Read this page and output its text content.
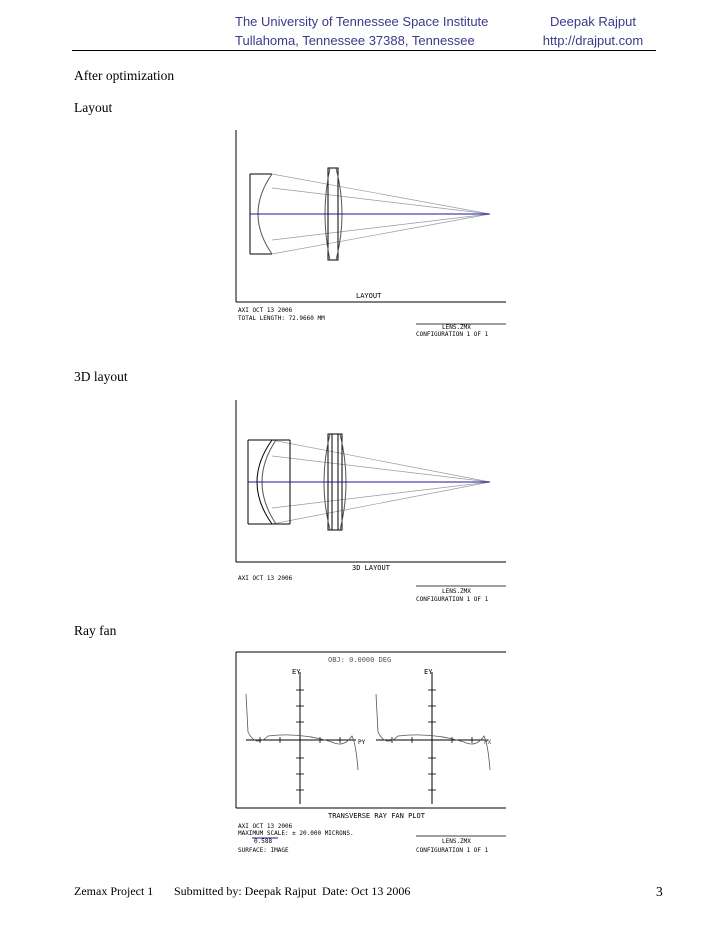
The University of Tennessee Space Institute
Tullahoma, Tennessee 37388, Tennessee
Deepak Rajput
http://drajput.com
After optimization
Layout
3D layout
Ray fan
LAYOUT
AXI OCT 13 2006
TOTAL LENGTH: 72.9660 MM
LENS.ZMX
CONFIGURATION 1 OF 1
3D LAYOUT
AXI OCT 13 2006
LENS.ZMX
CONFIGURATION 1 OF 1
OBJ: 0.0000 DEG
EY
PY
EY
PX
TRANSVERSE RAY FAN PLOT
AXI OCT 13 2006
MAXIMUM SCALE: ± 20.000 MICRONS.
0.588
SURFACE: IMAGE
LENS.ZMX
CONFIGURATION 1 OF 1
Zemax Project 1 Submitted by: Deepak Rajput Date: Oct 13 2006	3
